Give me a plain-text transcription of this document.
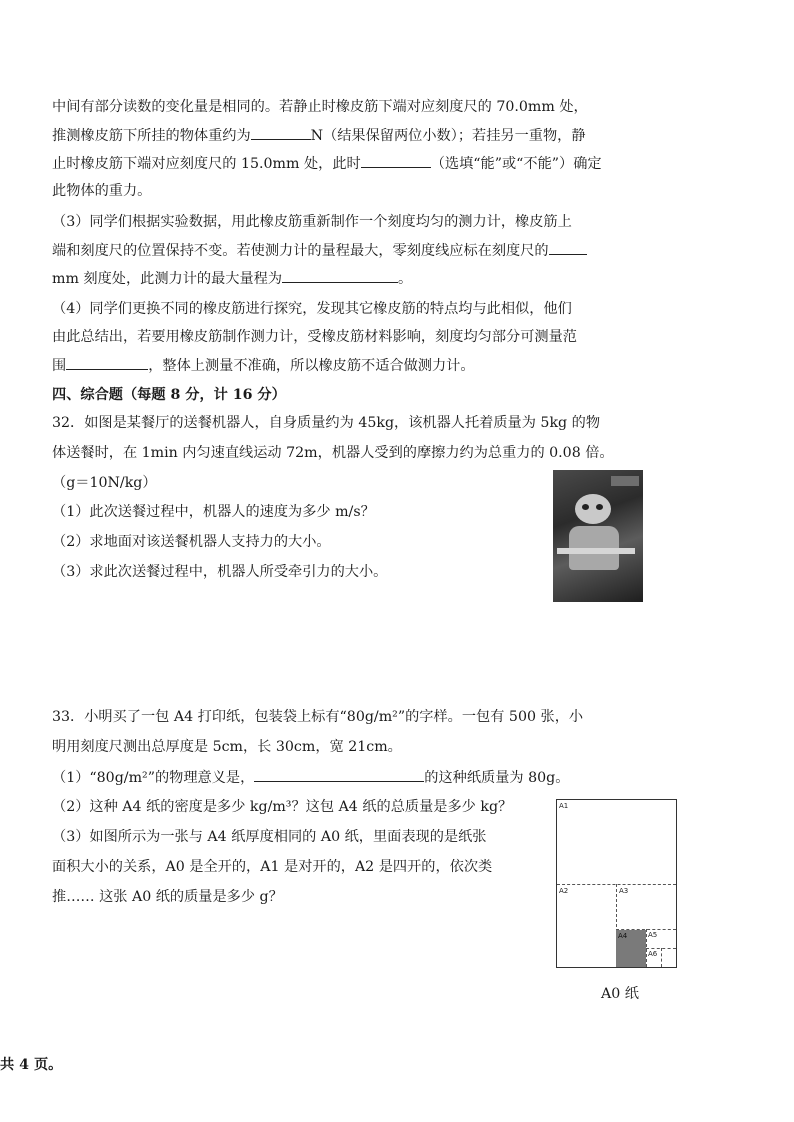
中间有部分读数的变化量是相同的。若静止时橡皮筋下端对应刻度尺的 70.0mm 处，
推测橡皮筋下所挂的物体重约为	N（结果保留两位小数）；若挂另一重物，静
止时橡皮筋下端对应刻度尺的 15.0mm 处，此时	（选填“能”或“不能”）确定
此物体的重力。
（3）同学们根据实验数据，用此橡皮筋重新制作一个刻度均匀的测力计，橡皮筋上
端和刻度尺的位置保持不变。若使测力计的量程最大，零刻度线应标在刻度尺的
mm 刻度处，此测力计的最大量程为	。
（4）同学们更换不同的橡皮筋进行探究，发现其它橡皮筋的特点均与此相似，他们
由此总结出，若要用橡皮筋制作测力计，受橡皮筋材料影响，刻度均匀部分可测量范
围	，整体上测量不准确，所以橡皮筋不适合做测力计。
四、综合题（每题 8 分，计 16 分）
32．如图是某餐厅的送餐机器人，自身质量约为 45kg，该机器人托着质量为 5kg 的物
体送餐时，在 1min 内匀速直线运动 72m，机器人受到的摩擦力约为总重力的 0.08 倍。
（g＝10N/kg）
（1）此次送餐过程中，机器人的速度为多少 m/s？
（2）求地面对该送餐机器人支持力的大小。
（3）求此次送餐过程中，机器人所受牵引力的大小。
33．小明买了一包 A4 打印纸，包装袋上标有“80g/m²”的字样。一包有 500 张，小
明用刻度尺测出总厚度是 5cm，长 30cm，宽 21cm。
（1）“80g/m²”的物理意义是，	的这种纸质量为 80g。
（2）这种 A4 纸的密度是多少 kg/m³？这包 A4 纸的总质量是多少 kg？
（3）如图所示为一张与 A4 纸厚度相同的 A0 纸，里面表现的是纸张
面积大小的关系，A0 是全开的，A1 是对开的，A2 是四开的，依次类
推…… 这张 A0 纸的质量是多少 g？
A1
A2	A3
A4	A5
A6
A0 纸
共 4 页。
